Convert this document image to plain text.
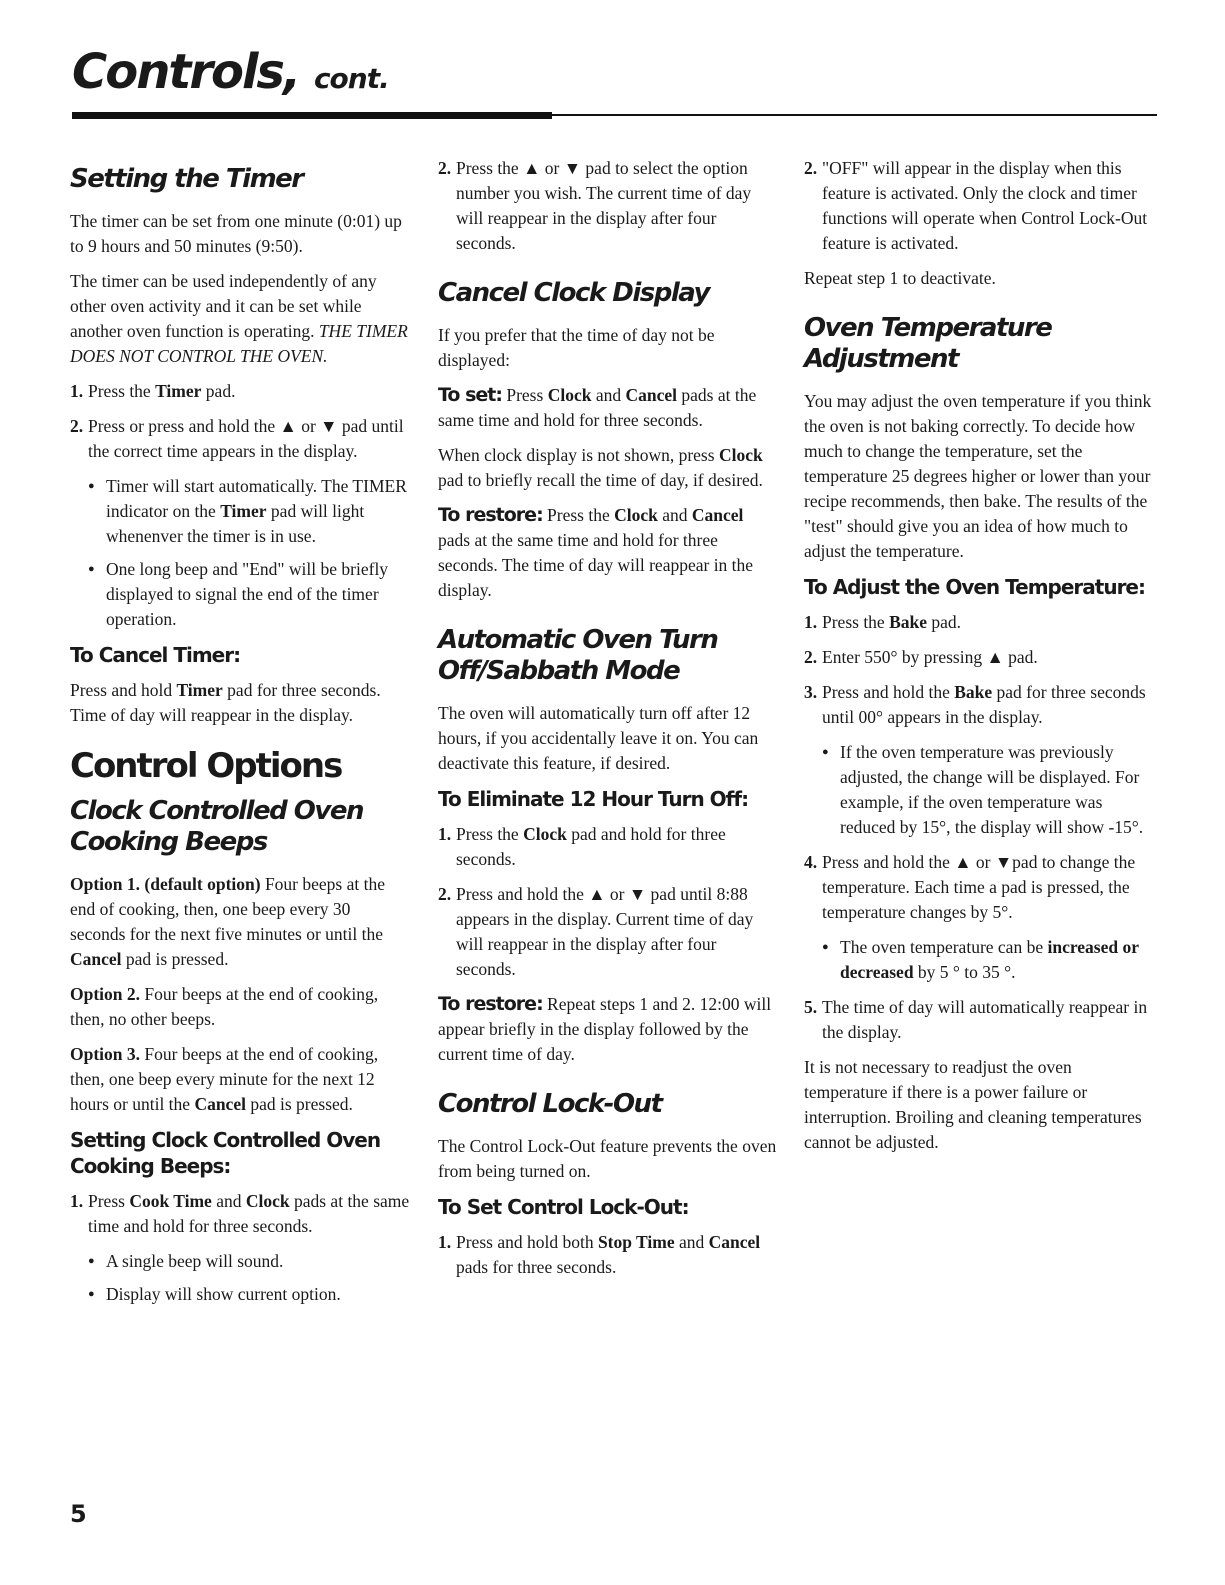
Controls, cont.
Setting the Timer

The timer can be set from one minute (0:01) up to 9 hours and 50 minutes (9:50).

The timer can be used independently of any other oven activity and it can be set while another oven function is operating. THE TIMER DOES NOT CONTROL THE OVEN.

1. Press the Timer pad.
2. Press or press and hold the ▲ or ▼ pad until the correct time appears in the display.
● Timer will start automatically. The TIMER indicator on the Timer pad will light whenenver the timer is in use.
● One long beep and "End" will be briefly displayed to signal the end of the timer operation.
To Cancel Timer:

Press and hold Timer pad for three seconds. Time of day will reappear in the display.

Control Options
Clock Controlled Oven Cooking Beeps

Option 1. (default option) Four beeps at the end of cooking, then, one beep every 30 seconds for the next five minutes or until the Cancel pad is pressed.

Option 2. Four beeps at the end of cooking, then, no other beeps.

Option 3. Four beeps at the end of cooking, then, one beep every minute for the next 12 hours or until the Cancel pad is pressed.

Setting Clock Controlled Oven Cooking Beeps:
1. Press Cook Time and Clock pads at the same time and hold for three seconds.
● A single beep will sound.
● Display will show current option.
2. Press the ▲ or ▼ pad to select the option number you wish. The current time of day will reappear in the display after four seconds.
Cancel Clock Display

If you prefer that the time of day not be displayed:

To set: Press Clock and Cancel pads at the same time and hold for three seconds.

When clock display is not shown, press Clock pad to briefly recall the time of day, if desired.

To restore: Press the Clock and Cancel pads at the same time and hold for three seconds. The time of day will reappear in the display.

Automatic Oven Turn Off/Sabbath Mode

The oven will automatically turn off after 12 hours, if you accidentally leave it on. You can deactivate this feature, if desired.

To Eliminate 12 Hour Turn Off:
1. Press the Clock pad and hold for three seconds.
2. Press and hold the ▲ or ▼ pad until 8:88 appears in the display. Current time of day will reappear in the display after four seconds.

To restore: Repeat steps 1 and 2. 12:00 will appear briefly in the display followed by the current time of day.

Control Lock-Out

The Control Lock-Out feature prevents the oven from being turned on.

To Set Control Lock-Out:
1. Press and hold both Stop Time and Cancel pads for three seconds.
2. "OFF" will appear in the display when this feature is activated. Only the clock and timer functions will operate when Control Lock-Out feature is activated.

Repeat step 1 to deactivate.

Oven Temperature Adjustment

You may adjust the oven temperature if you think the oven is not baking correctly. To decide how much to change the temperature, set the temperature 25 degrees higher or lower than your recipe recommends, then bake. The results of the "test" should give you an idea of how much to adjust the temperature.

To Adjust the Oven Temperature:
1. Press the Bake pad.
2. Enter 550° by pressing ▲ pad.
3. Press and hold the Bake pad for three seconds until 00° appears in the display.
● If the oven temperature was previously adjusted, the change will be displayed. For example, if the oven temperature was reduced by 15°, the display will show -15°.
4. Press and hold the ▲ or ▼pad to change the temperature. Each time a pad is pressed, the temperature changes by 5°.
● The oven temperature can be increased or decreased by 5 ° to 35 °.
5. The time of day will automatically reappear in the display.

It is not necessary to readjust the oven temperature if there is a power failure or interruption. Broiling and cleaning temperatures cannot be adjusted.

5
